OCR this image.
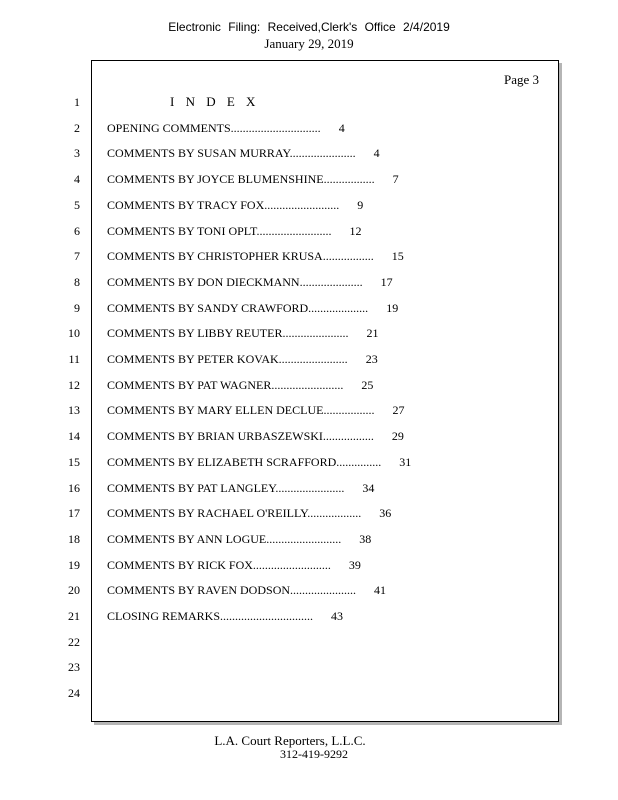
Electronic Filing: Received,Clerk's Office 2/4/2019
January 29, 2019
Page 3
1
2
3
4
5
6
7
8
9
10
11
12
13
14
15
16
17
18
19
20
21
22
23
24
I N D E X
OPENING COMMENTS.............................. 4
COMMENTS BY SUSAN MURRAY...................... 4
COMMENTS BY JOYCE BLUMENSHINE................. 7
COMMENTS BY TRACY FOX......................... 9
COMMENTS BY TONI OPLT......................... 12
COMMENTS BY CHRISTOPHER KRUSA................. 15
COMMENTS BY DON DIECKMANN..................... 17
COMMENTS BY SANDY CRAWFORD.................... 19
COMMENTS BY LIBBY REUTER...................... 21
COMMENTS BY PETER KOVAK....................... 23
COMMENTS BY PAT WAGNER........................ 25
COMMENTS BY MARY ELLEN DECLUE................. 27
COMMENTS BY BRIAN URBASZEWSKI................. 29
COMMENTS BY ELIZABETH SCRAFFORD............... 31
COMMENTS BY PAT LANGLEY....................... 34
COMMENTS BY RACHAEL O'REILLY.................. 36
COMMENTS BY ANN LOGUE......................... 38
COMMENTS BY RICK FOX.......................... 39
COMMENTS BY RAVEN DODSON...................... 41
CLOSING REMARKS............................... 43
L.A. Court Reporters, L.L.C.
312-419-9292
